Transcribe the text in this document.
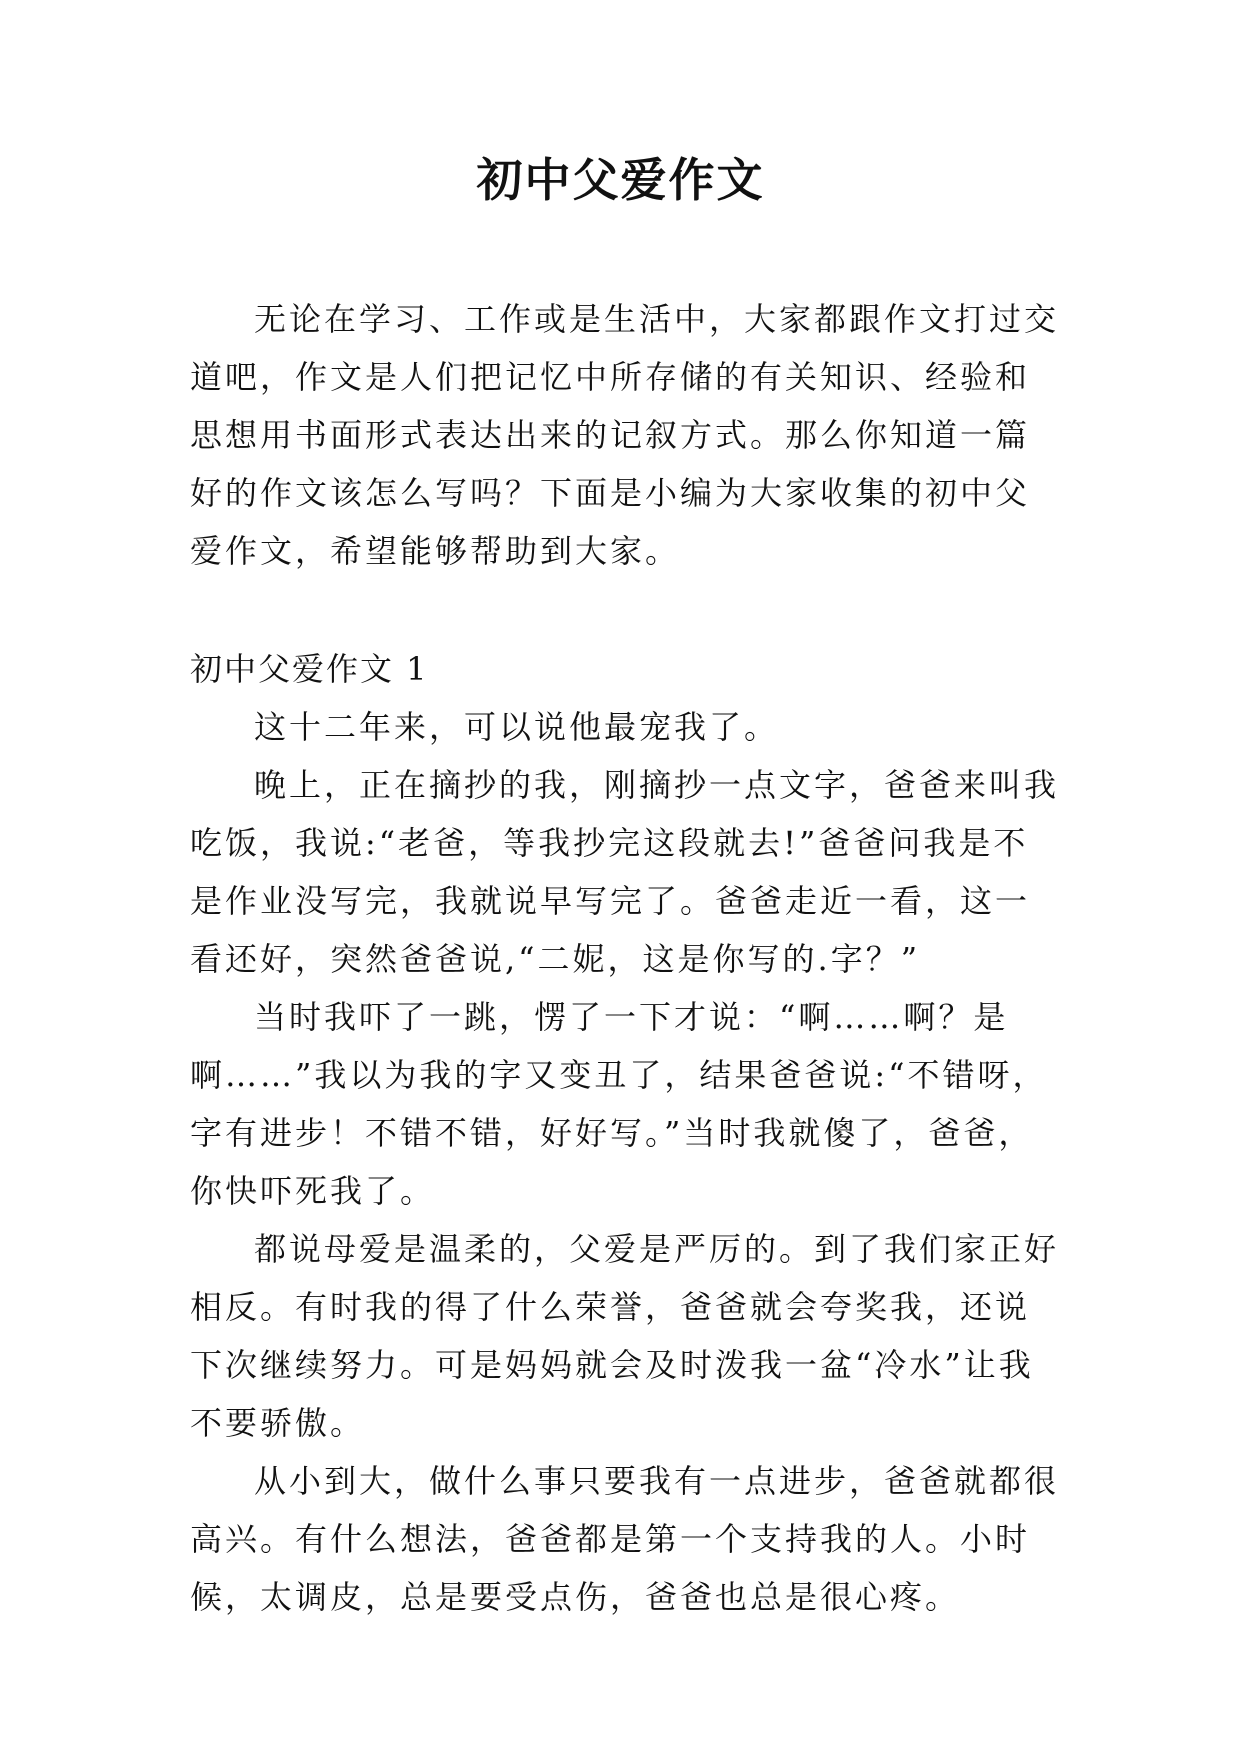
初中父爱作文

无论在学习、工作或是生活中，大家都跟作文打过交道吧，作文是人们把记忆中所存储的有关知识、经验和思想用书面形式表达出来的记叙方式。那么你知道一篇好的作文该怎么写吗？下面是小编为大家收集的初中父爱作文，希望能够帮助到大家。

初中父爱作文 1

这十二年来，可以说他最宠我了。

晚上，正在摘抄的我，刚摘抄一点文字，爸爸来叫我吃饭，我说:“老爸，等我抄完这段就去!”爸爸问我是不是作业没写完，我就说早写完了。爸爸走近一看，这一看还好，突然爸爸说,“二妮，这是你写的.字？”

当时我吓了一跳，愣了一下才说：“啊……啊？是啊……”我以为我的字又变丑了，结果爸爸说:“不错呀，字有进步！不错不错，好好写。”当时我就傻了，爸爸，你快吓死我了。

都说母爱是温柔的，父爱是严厉的。到了我们家正好相反。有时我的得了什么荣誉，爸爸就会夸奖我，还说下次继续努力。可是妈妈就会及时泼我一盆“冷水”让我不要骄傲。

从小到大，做什么事只要我有一点进步，爸爸就都很高兴。有什么想法，爸爸都是第一个支持我的人。小时候，太调皮，总是要受点伤，爸爸也总是很心疼。
